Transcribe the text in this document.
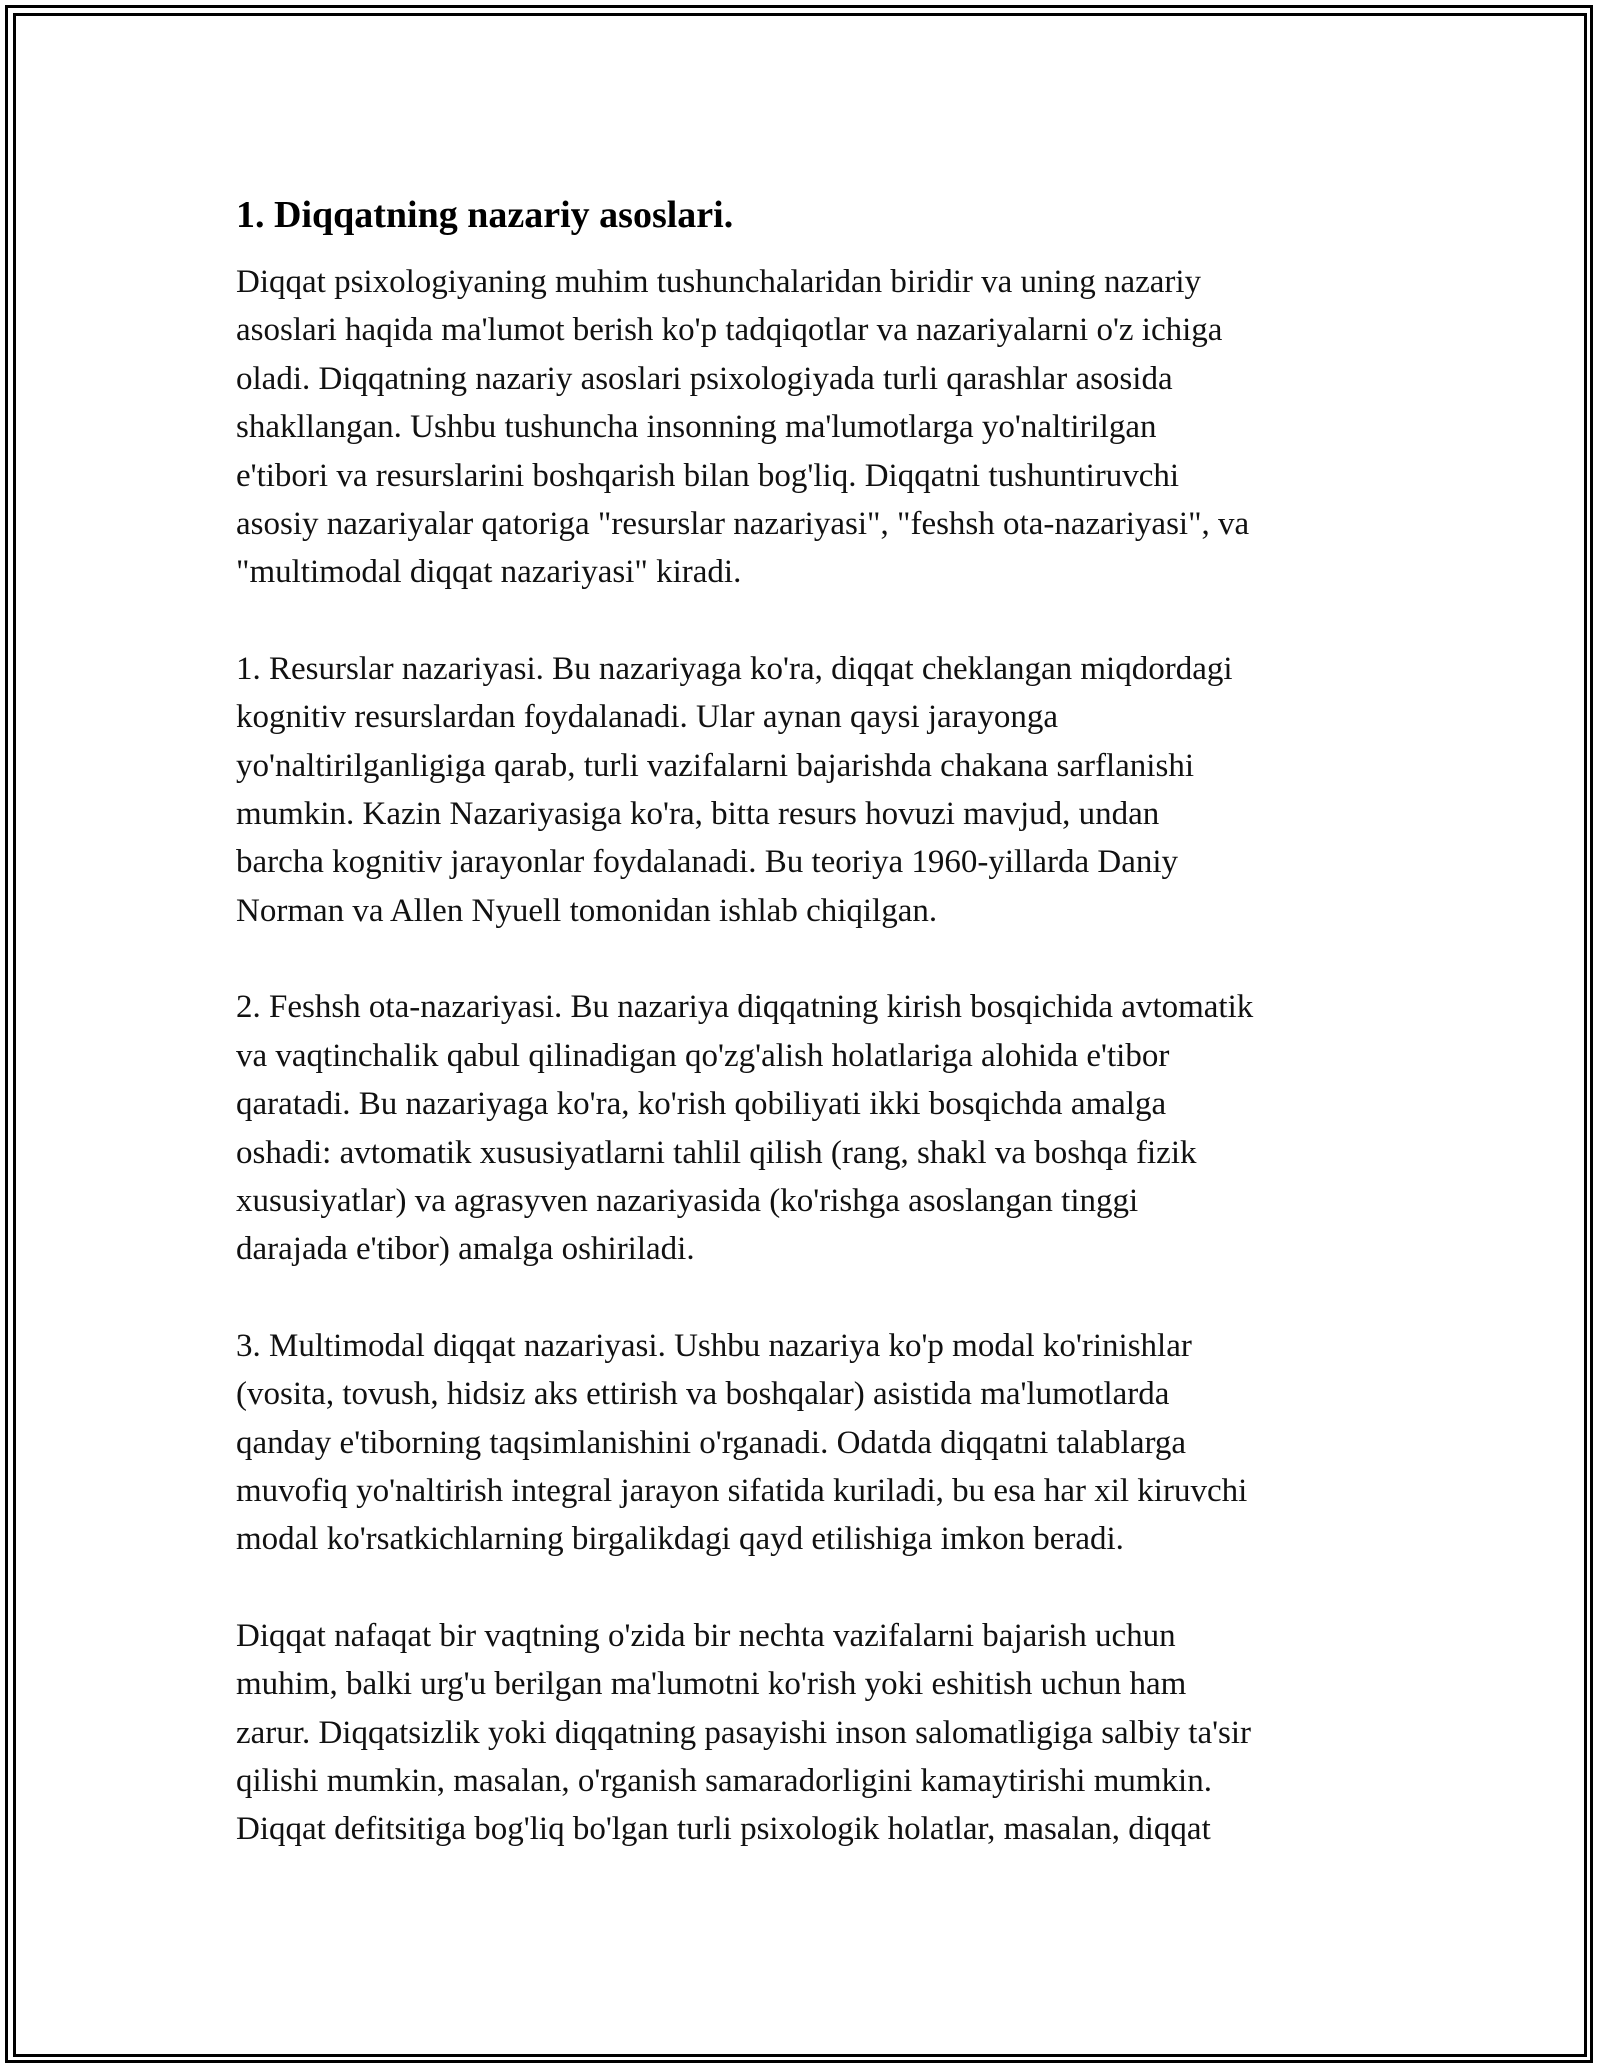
1. Diqqatning nazariy asoslari.

Diqqat psixologiyaning muhim tushunchalaridan biridir va uning nazariy
asoslari haqida ma'lumot berish ko'p tadqiqotlar va nazariyalarni o'z ichiga
oladi. Diqqatning nazariy asoslari psixologiyada turli qarashlar asosida
shakllangan. Ushbu tushuncha insonning ma'lumotlarga yo'naltirilgan
e'tibori va resurslarini boshqarish bilan bog'liq. Diqqatni tushuntiruvchi
asosiy nazariyalar qatoriga "resurslar nazariyasi", "feshsh ota-nazariyasi", va
"multimodal diqqat nazariyasi" kiradi.

1. Resurslar nazariyasi. Bu nazariyaga ko'ra, diqqat cheklangan miqdordagi
kognitiv resurslardan foydalanadi. Ular aynan qaysi jarayonga
yo'naltirilganligiga qarab, turli vazifalarni bajarishda chakana sarflanishi
mumkin. Kazin Nazariyasiga ko'ra, bitta resurs hovuzi mavjud, undan
barcha kognitiv jarayonlar foydalanadi. Bu teoriya 1960-yillarda Daniy
Norman va Allen Nyuell tomonidan ishlab chiqilgan.

2. Feshsh ota-nazariyasi. Bu nazariya diqqatning kirish bosqichida avtomatik
va vaqtinchalik qabul qilinadigan qo'zg'alish holatlariga alohida e'tibor
qaratadi. Bu nazariyaga ko'ra, ko'rish qobiliyati ikki bosqichda amalga
oshadi: avtomatik xususiyatlarni tahlil qilish (rang, shakl va boshqa fizik
xususiyatlar) va agrasyven nazariyasida (ko'rishga asoslangan tinggi
darajada e'tibor) amalga oshiriladi.

3. Multimodal diqqat nazariyasi. Ushbu nazariya ko'p modal ko'rinishlar
(vosita, tovush, hidsiz aks ettirish va boshqalar) asistida ma'lumotlarda
qanday e'tiborning taqsimlanishini o'rganadi. Odatda diqqatni talablarga
muvofiq yo'naltirish integral jarayon sifatida kuriladi, bu esa har xil kiruvchi
modal ko'rsatkichlarning birgalikdagi qayd etilishiga imkon beradi.

Diqqat nafaqat bir vaqtning o'zida bir nechta vazifalarni bajarish uchun
muhim, balki urg'u berilgan ma'lumotni ko'rish yoki eshitish uchun ham
zarur. Diqqatsizlik yoki diqqatning pasayishi inson salomatligiga salbiy ta'sir
qilishi mumkin, masalan, o'rganish samaradorligini kamaytirishi mumkin.
Diqqat defitsitiga bog'liq bo'lgan turli psixologik holatlar, masalan, diqqat
